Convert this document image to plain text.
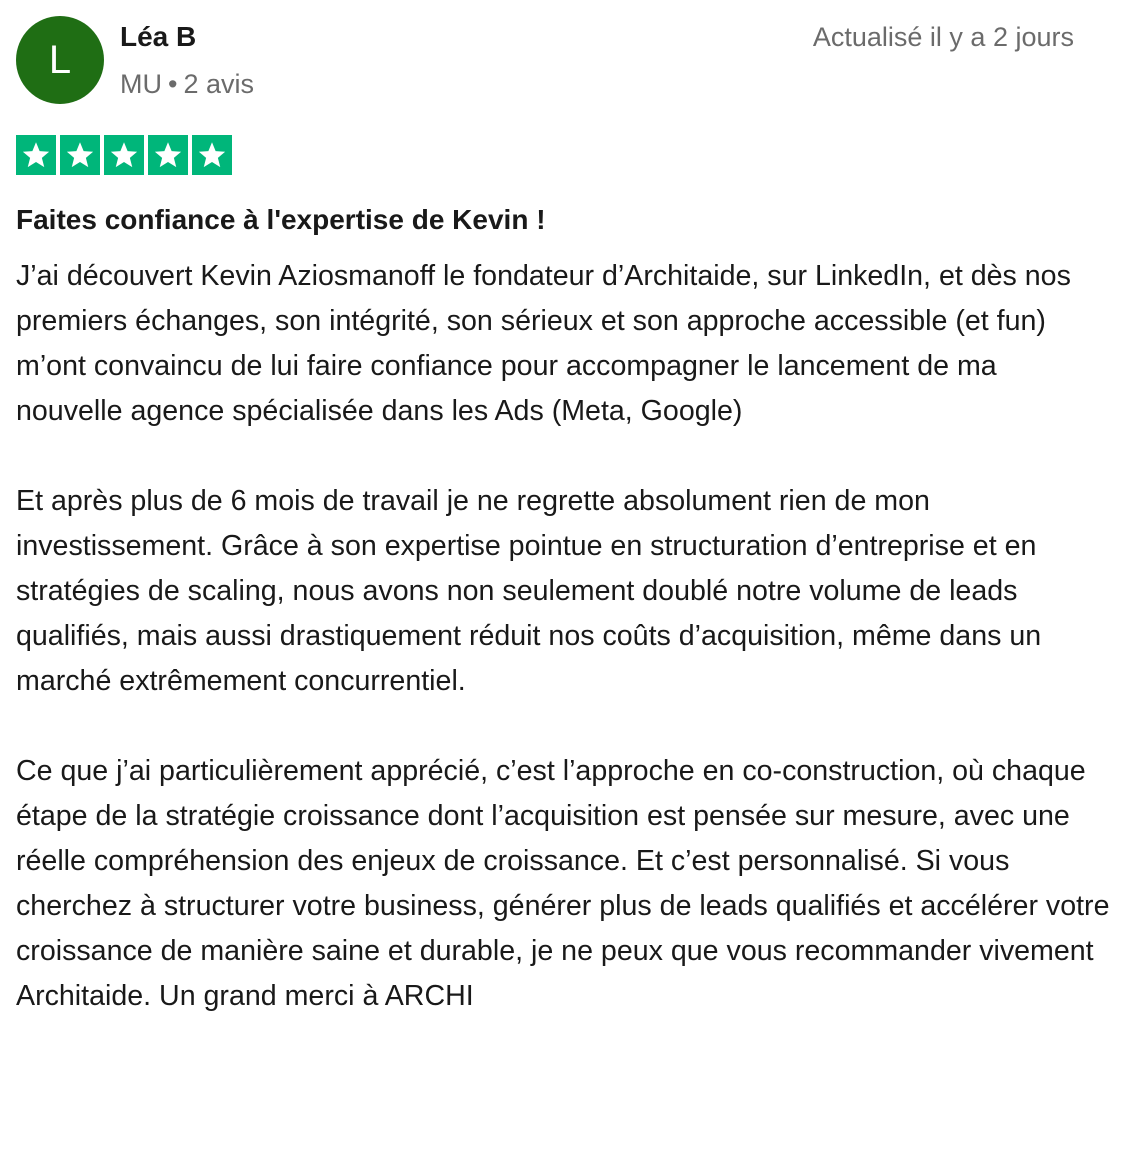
L
Léa B
MU • 2 avis
Actualisé il y a 2 jours
Faites confiance à l'expertise de Kevin !

J’ai découvert Kevin Aziosmanoff le fondateur d’Architaide, sur LinkedIn, et dès nos premiers échanges, son intégrité, son sérieux et son approche accessible (et fun) m’ont convaincu de lui faire confiance pour accompagner le lancement de ma nouvelle agence spécialisée dans les Ads (Meta, Google)

Et après plus de 6 mois de travail je ne regrette absolument rien de mon investissement. Grâce à son expertise pointue en structuration d’entreprise et en stratégies de scaling, nous avons non seulement doublé notre volume de leads qualifiés, mais aussi drastiquement réduit nos coûts d’acquisition, même dans un marché extrêmement concurrentiel.

Ce que j’ai particulièrement apprécié, c’est l’approche en co-construction, où chaque étape de la stratégie croissance dont l’acquisition est pensée sur mesure, avec une réelle compréhension des enjeux de croissance. Et c’est personnalisé. Si vous cherchez à structurer votre business, générer plus de leads qualifiés et accélérer votre croissance de manière saine et durable, je ne peux que vous recommander vivement Architaide. Un grand merci à ARCHI
